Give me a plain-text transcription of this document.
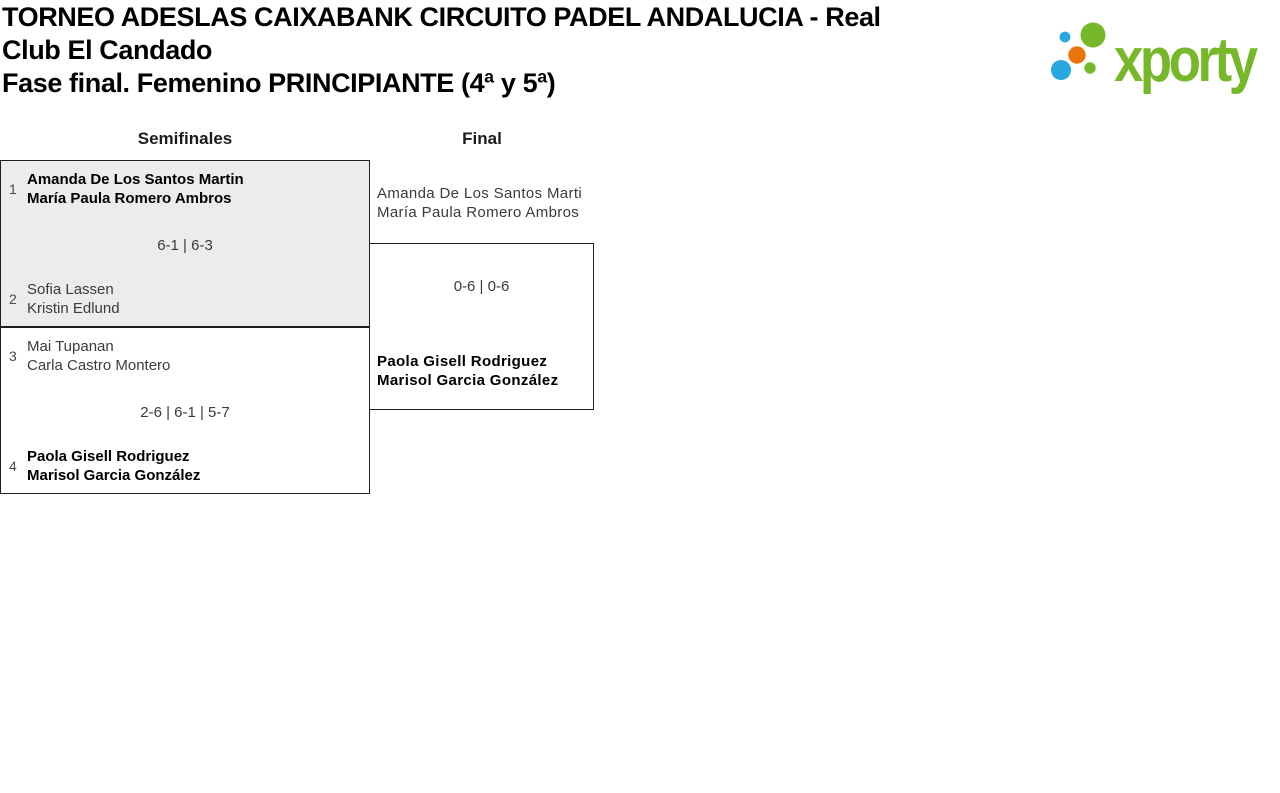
TORNEO ADESLAS CAIXABANK CIRCUITO PADEL ANDALUCIA - Real Club El Candado
Fase final. Femenino PRINCIPIANTE (4ª y 5ª)	xporty
Semifinales	Final
1
Amanda De Los Santos Martin
María Paula Romero Ambros
6-1 | 6-3
2
Sofia Lassen
Kristin Edlund
3
Mai Tupanan
Carla Castro Montero
2-6 | 6-1 | 5-7
4
Paola Gisell Rodriguez
Marisol Garcia González
Amanda De Los Santos Marti
María Paula Romero Ambros
0-6 | 0-6
Paola Gisell Rodriguez
Marisol Garcia González
